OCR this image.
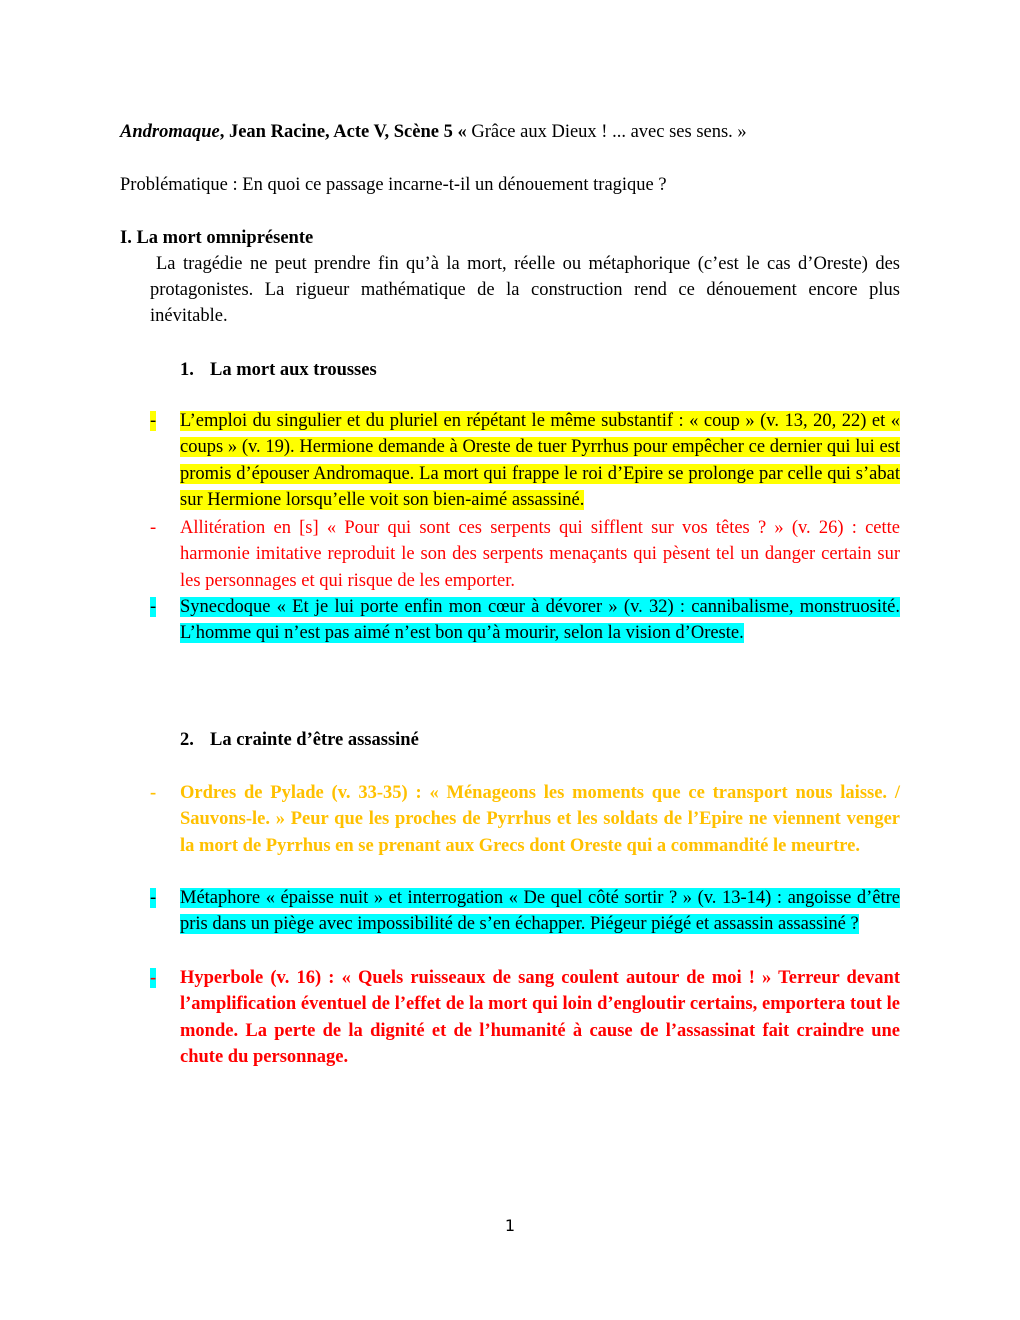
Andromaque, Jean Racine, Acte V, Scène 5 « Grâce aux Dieux ! ... avec ses sens. »
Problématique : En quoi ce passage incarne-t-il un dénouement tragique ?
I. La mort omniprésente
La tragédie ne peut prendre fin qu’à la mort, réelle ou métaphorique (c’est le cas d’Oreste) des protagonistes. La rigueur mathématique de la construction rend ce dénouement encore plus inévitable.
1. La mort aux trousses
-	L’emploi du singulier et du pluriel en répétant le même substantif : « coup » (v. 13, 20, 22) et « coups » (v. 19). Hermione demande à Oreste de tuer Pyrrhus pour empêcher ce dernier qui lui est promis d’épouser Andromaque. La mort qui frappe le roi d’Epire se prolonge par celle qui s’abat sur Hermione lorsqu’elle voit son bien-aimé assassiné.
-	Allitération en [s] « Pour qui sont ces serpents qui sifflent sur vos têtes ? » (v. 26) : cette harmonie imitative reproduit le son des serpents menaçants qui pèsent tel un danger certain sur les personnages et qui risque de les emporter.
-	Synecdoque « Et je lui porte enfin mon cœur à dévorer » (v. 32) : cannibalisme, monstruosité. L’homme qui n’est pas aimé n’est bon qu’à mourir, selon la vision d’Oreste.
2. La crainte d’être assassiné
-	Ordres de Pylade (v. 33-35) : « Ménageons les moments que ce transport nous laisse. / Sauvons-le. » Peur que les proches de Pyrrhus et les soldats de l’Epire ne viennent venger la mort de Pyrrhus en se prenant aux Grecs dont Oreste qui a commandité le meurtre.
-	Métaphore « épaisse nuit » et interrogation « De quel côté sortir ? » (v. 13-14) : angoisse d’être pris dans un piège avec impossibilité de s’en échapper. Piégeur piégé et assassin assassiné ?
-	Hyperbole (v. 16) : « Quels ruisseaux de sang coulent autour de moi ! » Terreur devant l’amplification éventuel de l’effet de la mort qui loin d’engloutir certains, emportera tout le monde. La perte de la dignité et de l’humanité à cause de l’assassinat fait craindre une chute du personnage.
1
